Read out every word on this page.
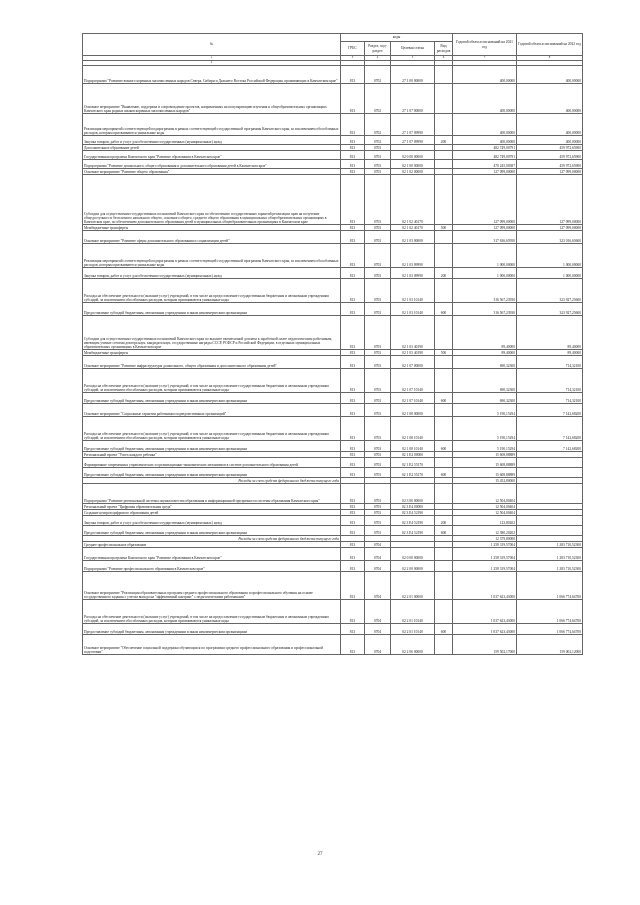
№	коды				Годовой объем ассигнований на 2021 год	Годовой объем ассигнований на 2022 год
	ГРБС	Раздел, под-раздел	Целевая статья	Вид расходов		
1	3	4	5	6	7	8
2						
Подпрограмма "Развитие южного коренных малочисленных народов Севера, Сибири и Дальнего Востока Российской Федерации, проживающих в Камчатском крае"	813	0702	27 1 00 00000		400,00000	400,00000
Основное мероприятие "Выявление, поддержка и сопровождение проектов, направленных на популяризацию изучения и общеобразовательных организациях Камчатского края родных языков коренных малочисленных народов"	813	0702	27 1 07 00000		400,00000	400,00000
Реализация мероприятий соответствующей подпрограммы в рамках соответствующей государственной программы Камчатского края, за исключением обособленных расходов, которым присваиваются уникальные коды	813	0702	27 1 07 09990		400,00000	400,00000
Закупка товаров, работ и услуг для обеспечения государственных (муниципальных) нужд	813	0702	27 1 07 09990	200	400,00000	400,00000
Дополнительное образование детей	813	0703			482 749,00791	459 972,65900
Государственная программа Камчатского края "Развитие образования в Камчатском крае"	813	0703	02 0 00 00000		482 749,00791	459 972,65900
Подпрограмма "Развитие дошкольного, общего образования и дополнительного образования детей в Камчатском крае"	813	0703	02 1 00 00000		470 245,00387	459 972,65900
Основное мероприятие "Развитие общего образования"	813	0703	02 1 02 00000		127 099,00000	127 099,00000
Субсидии для осуществления государственных полномочий Камчатского края по обеспечению государственных гарантий реализации прав на получение общедоступного и бесплатного начального общего, основного общего, среднего общего образования в муниципальных общеобразовательных организациях в Камчатском крае, по обеспечению дополнительного образования детей в муниципальных общеобразовательных организациях в Камчатском крае	813	0703	02 1 02 40170		127 099,00000	127 099,00000
Межбюджетные трансферты	813	0703	02 1 02 40170	500	127 099,00000	127 099,00000
Основное мероприятие "Развитие сферы дополнительного образования и социализации детей"	813	0703	02 1 03 00000		317 636,65950	323 016,65600
Реализация мероприятий соответствующей подпрограммы в рамках соответствующей государственной программы Камчатского края, за исключением обособленных расходов, которым присваиваются уникальные коды	813	0703	02 1 03 09990		1 000,00000	1 000,00000
Закупка товаров, работ и услуг для обеспечения государственных (муниципальных) нужд	813	0703	02 1 03 09990	200	1 000,00000	1 000,00000
Расходы на обеспечение деятельности (оказание услуг) учреждений, в том числе на предоставление государственным бюджетным и автономным учреждениям субсидий, за исключением обособленных расходов, которым присваиваются уникальные коды	813	0703	02 1 03 10140		316 567,23930	323 927,25600
Предоставление субсидий бюджетным, автономным учреждениям и иным некоммерческим организациям	813	0703	02 1 03 10140	600	316 567,23930	323 927,25600
Субсидии для осуществления государственных полномочий Камчатского края по выплате ежемесячной доплаты к заработной плате педагогическим работникам, имеющим ученые степени доктора наук, кандидата наук, государственные награды СССР, РСФСР и Российской Федерации, в отдельных муниципальных образовательных организациях в Камчатском крае	813	0703	02 1 03 40190		89,40000	89,40000
Межбюджетные трансферты	813	0703	02 1 03 40190	500	89,40000	89,40000
Основное мероприятие "Развитие инфраструктуры дошкольного, общего образования и дополнительного образования детей"	813	0703	02 1 07 00000		690,32300	714,32100
Расходы на обеспечение деятельности (оказание услуг) учреждений, в том числе на предоставление государственным бюджетным и автономным учреждениям субсидий, за исключением обособленных расходов, которым присваиваются уникальные коды	813	0703	02 1 07 10140		690,32300	714,32100
Предоставление субсидий бюджетным, автономным учреждениям и иным некоммерческим организациям	813	0703	02 1 07 10140	600	690,32300	714,32100
Основное мероприятие "Социальные гарантии работникам подведомственных организаций"	813	0703	02 1 08 00000		5 190,15294	7 142,68200
Расходы на обеспечение деятельности (оказание услуг) учреждений, в том числе на предоставление государственным бюджетным и автономным учреждениям субсидий, за исключением обособленных расходов, которым присваиваются уникальные коды	813	0703	02 1 08 10140		5 190,15294	7 142,68200
Предоставление субсидий бюджетным, автономным учреждениям и иным некоммерческим организациям	813	0703	02 1 08 10140	600	5 190,15294	7 142,68200
Региональный проект "Успех каждого ребенка"	813	0703	02 1 E2 00000		15 608,88889	
Формирование современных управленческих и организационно-экономических механизмов в системе дополнительного образования детей	813	0703	02 1 E2 55170		15 608,88889	
Предоставление субсидий бюджетным, автономным учреждениям и иным некоммерческим организациям	813	0703	02 1 E2 55170	600	15 608,88889	
Расходы за счет средств федерального бюджета текущего года					15 452,80000	
Подпрограмма "Развитие региональной системы оценки качества образования и информационной прозрачности системы образования Камчатского края"	813	0703	02 3 00 00000		12 504,00404	
Региональный проект "Цифровая образовательная среда"	813	0703	02 3 E4 00000		12 504,00404	
Создание центров цифрового образования детей	813	0703	02 3 E4 52190		12 504,00404	
Закупка товаров, работ и услуг для обеспечения государственных (муниципальных) нужд	813	0703	02 3 E4 52190	200	123,80202	
Предоставление субсидий бюджетным, автономным учреждениям и иным некоммерческим организациям	813	0703	02 3 E4 52190	600	12 380,20202	
Расходы за счет средств федерального бюджета текущего года					12 379,80000	
Среднее профессиональное образование	813	0704			1 258 319,57004	1 283 710,52300
Государственная программа Камчатского края "Развитие образования в Камчатском крае"	813	0704	02 0 00 00000		1 258 319,57004	1 283 710,52300
Подпрограмма "Развитие профессионального образования в Камчатском крае"	813	0704	02 2 00 00000		1 258 319,57004	1 283 710,52300
Основное мероприятие "Реализация образовательных программ среднего профессионального образования и профессионального обучения на основе государственного задания с учетом выхода на "эффективный контракт" с педагогическими работниками"	813	0704	02 2 01 00000		1 037 623,43000	1 066 774,64700
Расходы на обеспечение деятельности (оказание услуг) учреждений, в том числе на предоставление государственным бюджетным и автономным учреждениям субсидий, за исключением обособленных расходов, которым присваиваются уникальные коды	813	0704	02 2 01 10140		1 037 623,43000	1 066 774,64700
Предоставление субсидий бюджетным, автономным учреждениям и иным некоммерческим организациям	813	0704	02 2 01 10140	600	1 037 623,43000	1 066 774,64700
Основное мероприятие "Обеспечение социальной поддержки обучающихся по программам среднего профессионального образования и профессиональной подготовки"	813	0704	02 2 06 00000		159 502,17000	159 002,12000
27
